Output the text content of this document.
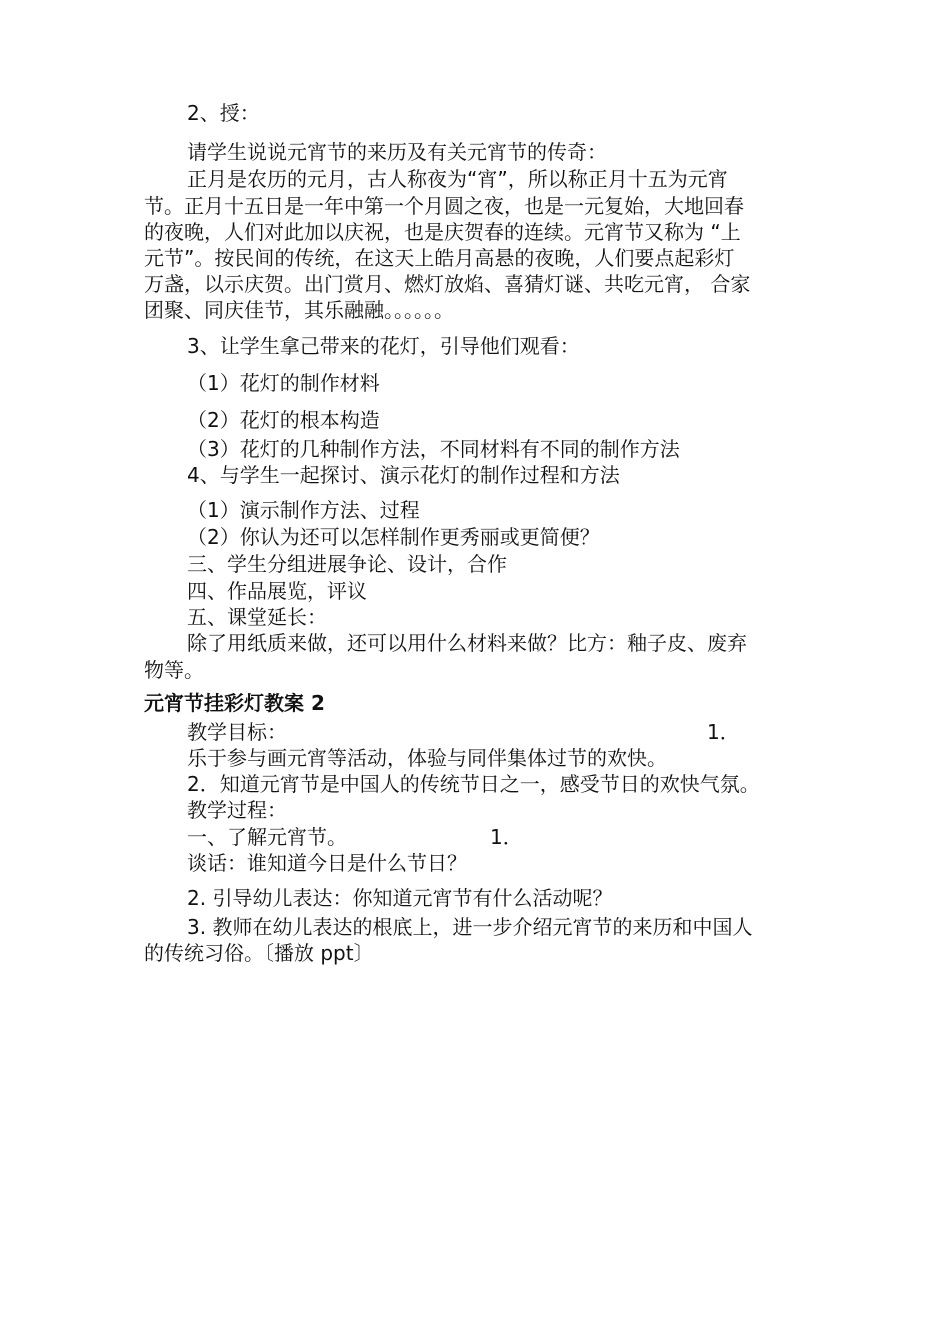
2、授：
请学生说说元宵节的来历及有关元宵节的传奇：
正月是农历的元月，古人称夜为“宵”，所以称正月十五为元宵
节。正月十五日是一年中第一个月圆之夜，也是一元复始，大地回春
的夜晚，人们对此加以庆祝，也是庆贺春的连续。元宵节又称为 “上
元节”。按民间的传统，在这天上皓月高悬的夜晚，人们要点起彩灯
万盏，以示庆贺。出门赏月、燃灯放焰、喜猜灯谜、共吃元宵， 合家
团聚、同庆佳节，其乐融融。。。。。。
3、让学生拿己带来的花灯，引导他们观看：
（1）花灯的制作材料
（2）花灯的根本构造
（3）花灯的几种制作方法，不同材料有不同的制作方法
4、与学生一起探讨、演示花灯的制作过程和方法
（1）演示制作方法、过程
（2）你认为还可以怎样制作更秀丽或更简便？
三、学生分组进展争论、设计，合作
四、作品展览，评议
五、课堂延长：
除了用纸质来做，还可以用什么材料来做？比方：釉子皮、废弃
物等。
元宵节挂彩灯教案 2
教学目标：	1．
乐于参与画元宵等活动，体验与同伴集体过节的欢快。
2．知道元宵节是中国人的传统节日之一，感受节日的欢快气氛。
教学过程：
一、了解元宵节。	1．
谈话：谁知道今日是什么节日？
2. 引导幼儿表达：你知道元宵节有什么活动呢？
3. 教师在幼儿表达的根底上，进一步介绍元宵节的来历和中国人
的传统习俗。〔播放 ppt〕
